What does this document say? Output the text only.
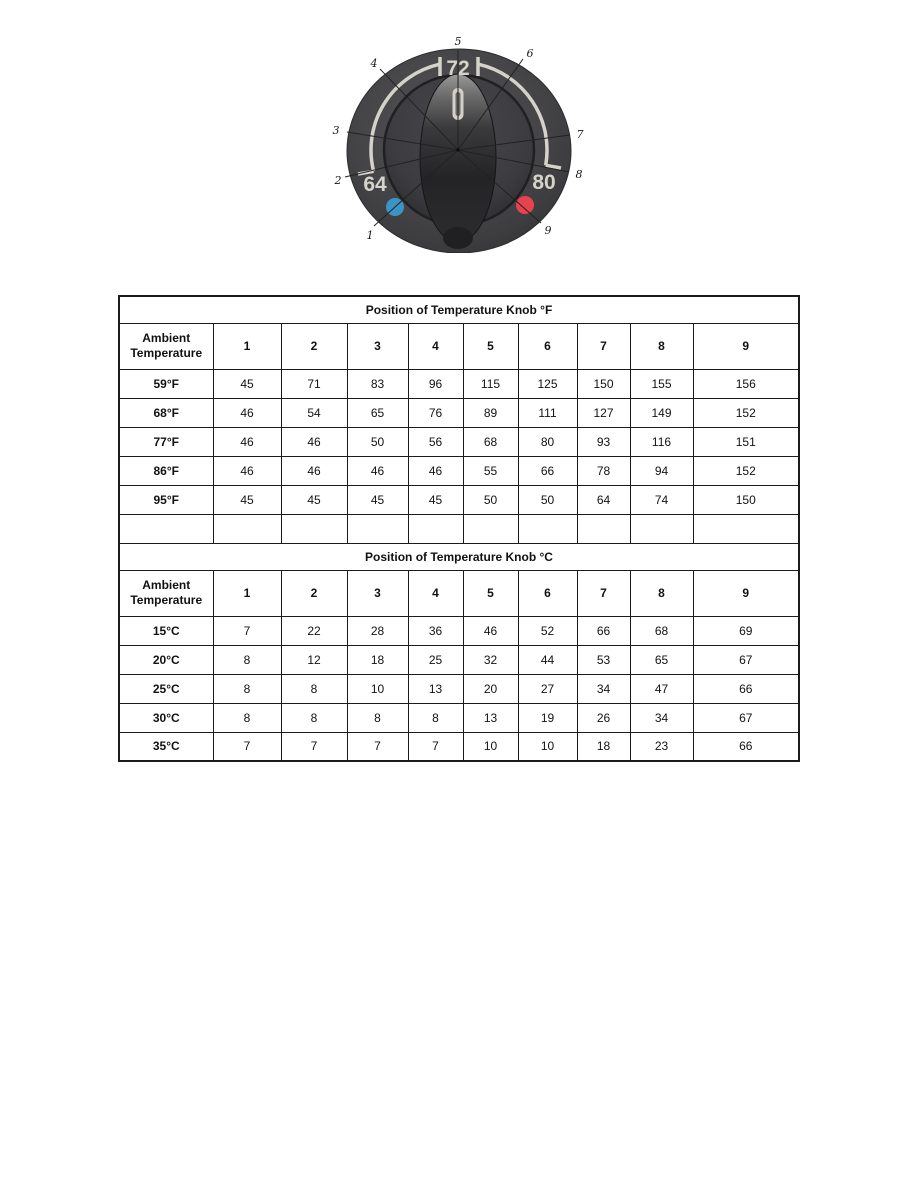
72
64	80
1
2
3
4
5
6
7
8
9
Position of Temperature Knob °F									
Ambient
Temperature	1	2	3	4	5	6	7	8	9
59°F	45	71	83	96	115	125	150	155	156
68°F	46	54	65	76	89	111	127	149	152
77°F	46	46	50	56	68	80	93	116	151
86°F	46	46	46	46	55	66	78	94	152
95°F	45	45	45	45	50	50	64	74	150

Position of Temperature Knob °C									
Ambient
Temperature	1	2	3	4	5	6	7	8	9
15°C	7	22	28	36	46	52	66	68	69
20°C	8	12	18	25	32	44	53	65	67
25°C	8	8	10	13	20	27	34	47	66
30°C	8	8	8	8	13	19	26	34	67
35°C	7	7	7	7	10	10	18	23	66
